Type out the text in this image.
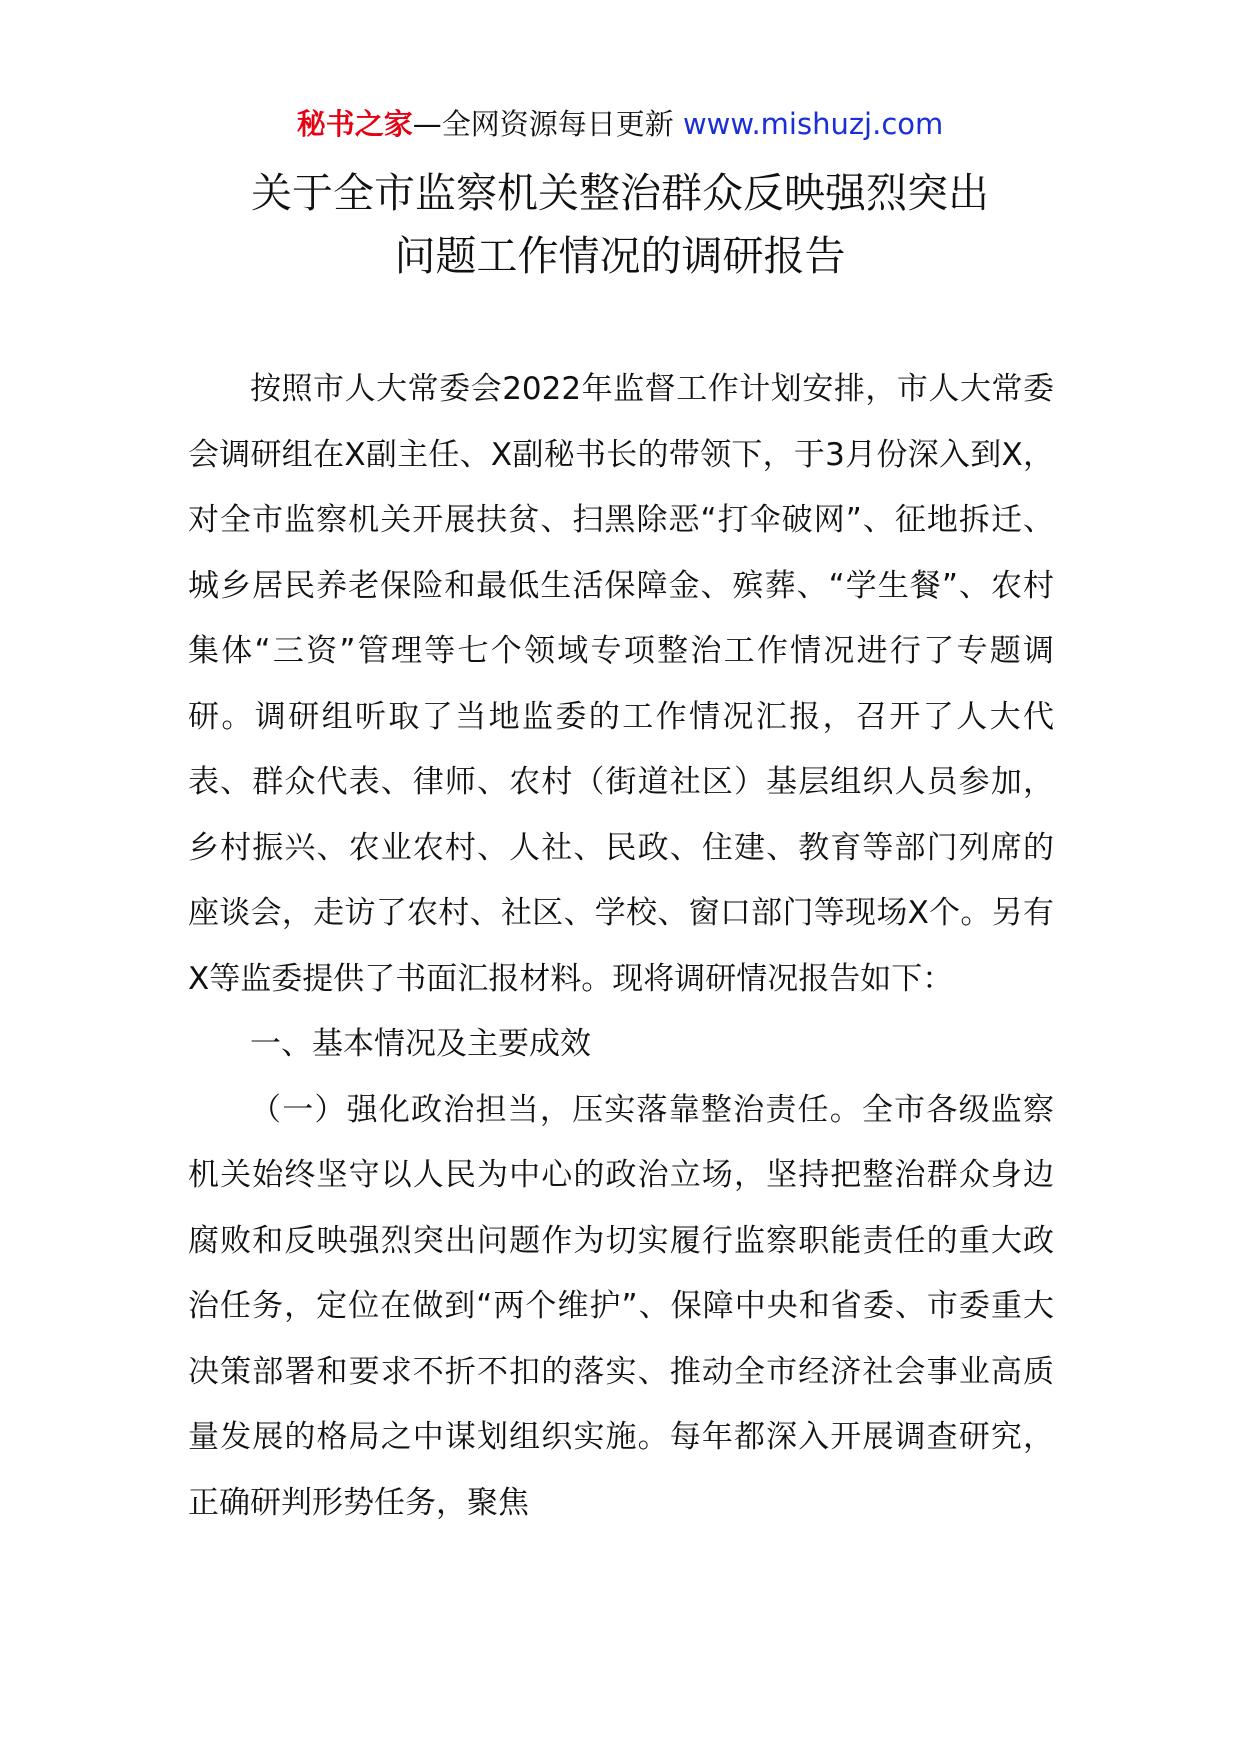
秘书之家—全网资源每日更新 www.mishuzj.com
关于全市监察机关整治群众反映强烈突出
问题工作情况的调研报告

按照市人大常委会2022年监督工作计划安排，市人大常委会调研组在X副主任、X副秘书长的带领下，于3月份深入到X，对全市监察机关开展扶贫、扫黑除恶“打伞破网”、征地拆迁、城乡居民养老保险和最低生活保障金、殡葬、“学生餐”、农村集体“三资”管理等七个领域专项整治工作情况进行了专题调研。调研组听取了当地监委的工作情况汇报，召开了人大代表、群众代表、律师、农村（街道社区）基层组织人员参加，乡村振兴、农业农村、人社、民政、住建、教育等部门列席的座谈会，走访了农村、社区、学校、窗口部门等现场X个。另有X等监委提供了书面汇报材料。现将调研情况报告如下：

一、基本情况及主要成效

（一）强化政治担当，压实落靠整治责任。全市各级监察机关始终坚守以人民为中心的政治立场，坚持把整治群众身边腐败和反映强烈突出问题作为切实履行监察职能责任的重大政治任务，定位在做到“两个维护”、保障中央和省委、市委重大决策部署和要求不折不扣的落实、推动全市经济社会事业高质量发展的格局之中谋划组织实施。每年都深入开展调查研究，正确研判形势任务，聚焦
